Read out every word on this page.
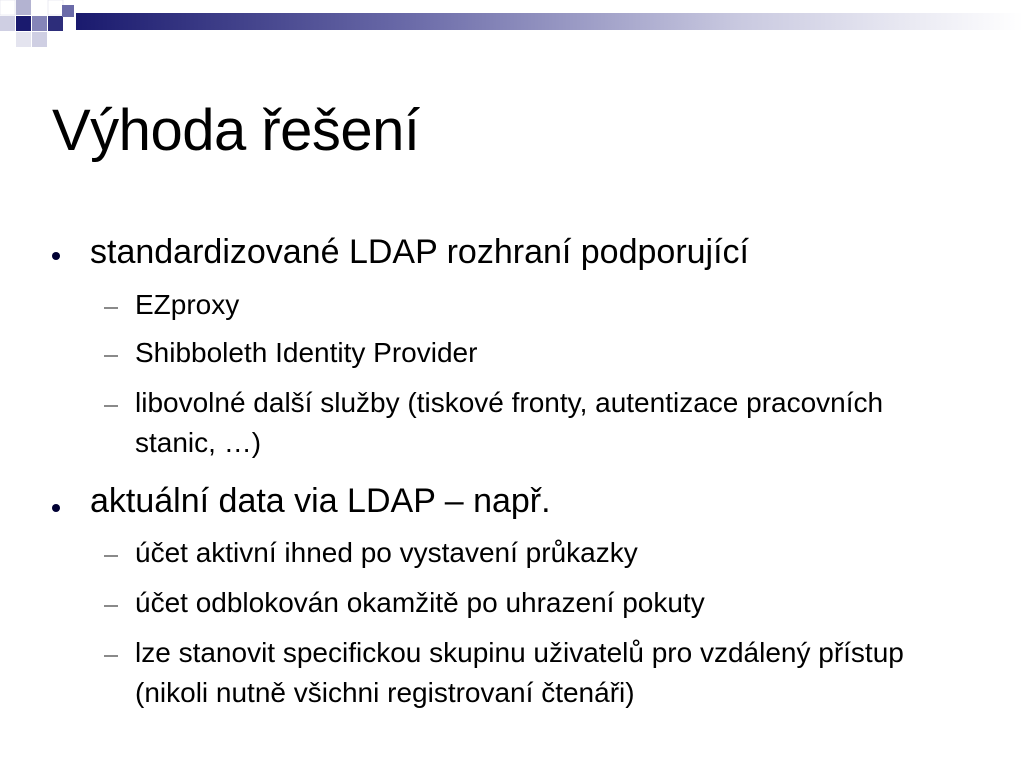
Výhoda řešení
standardizované LDAP rozhraní podporující
EZproxy
Shibboleth Identity Provider
libovolné další služby (tiskové fronty, autentizace pracovních stanic, …)
aktuální data via LDAP – např.
účet aktivní ihned po vystavení průkazky
účet odblokován okamžitě po uhrazení pokuty
lze stanovit specifickou skupinu uživatelů pro vzdálený přístup (nikoli nutně všichni registrovaní čtenáři)
